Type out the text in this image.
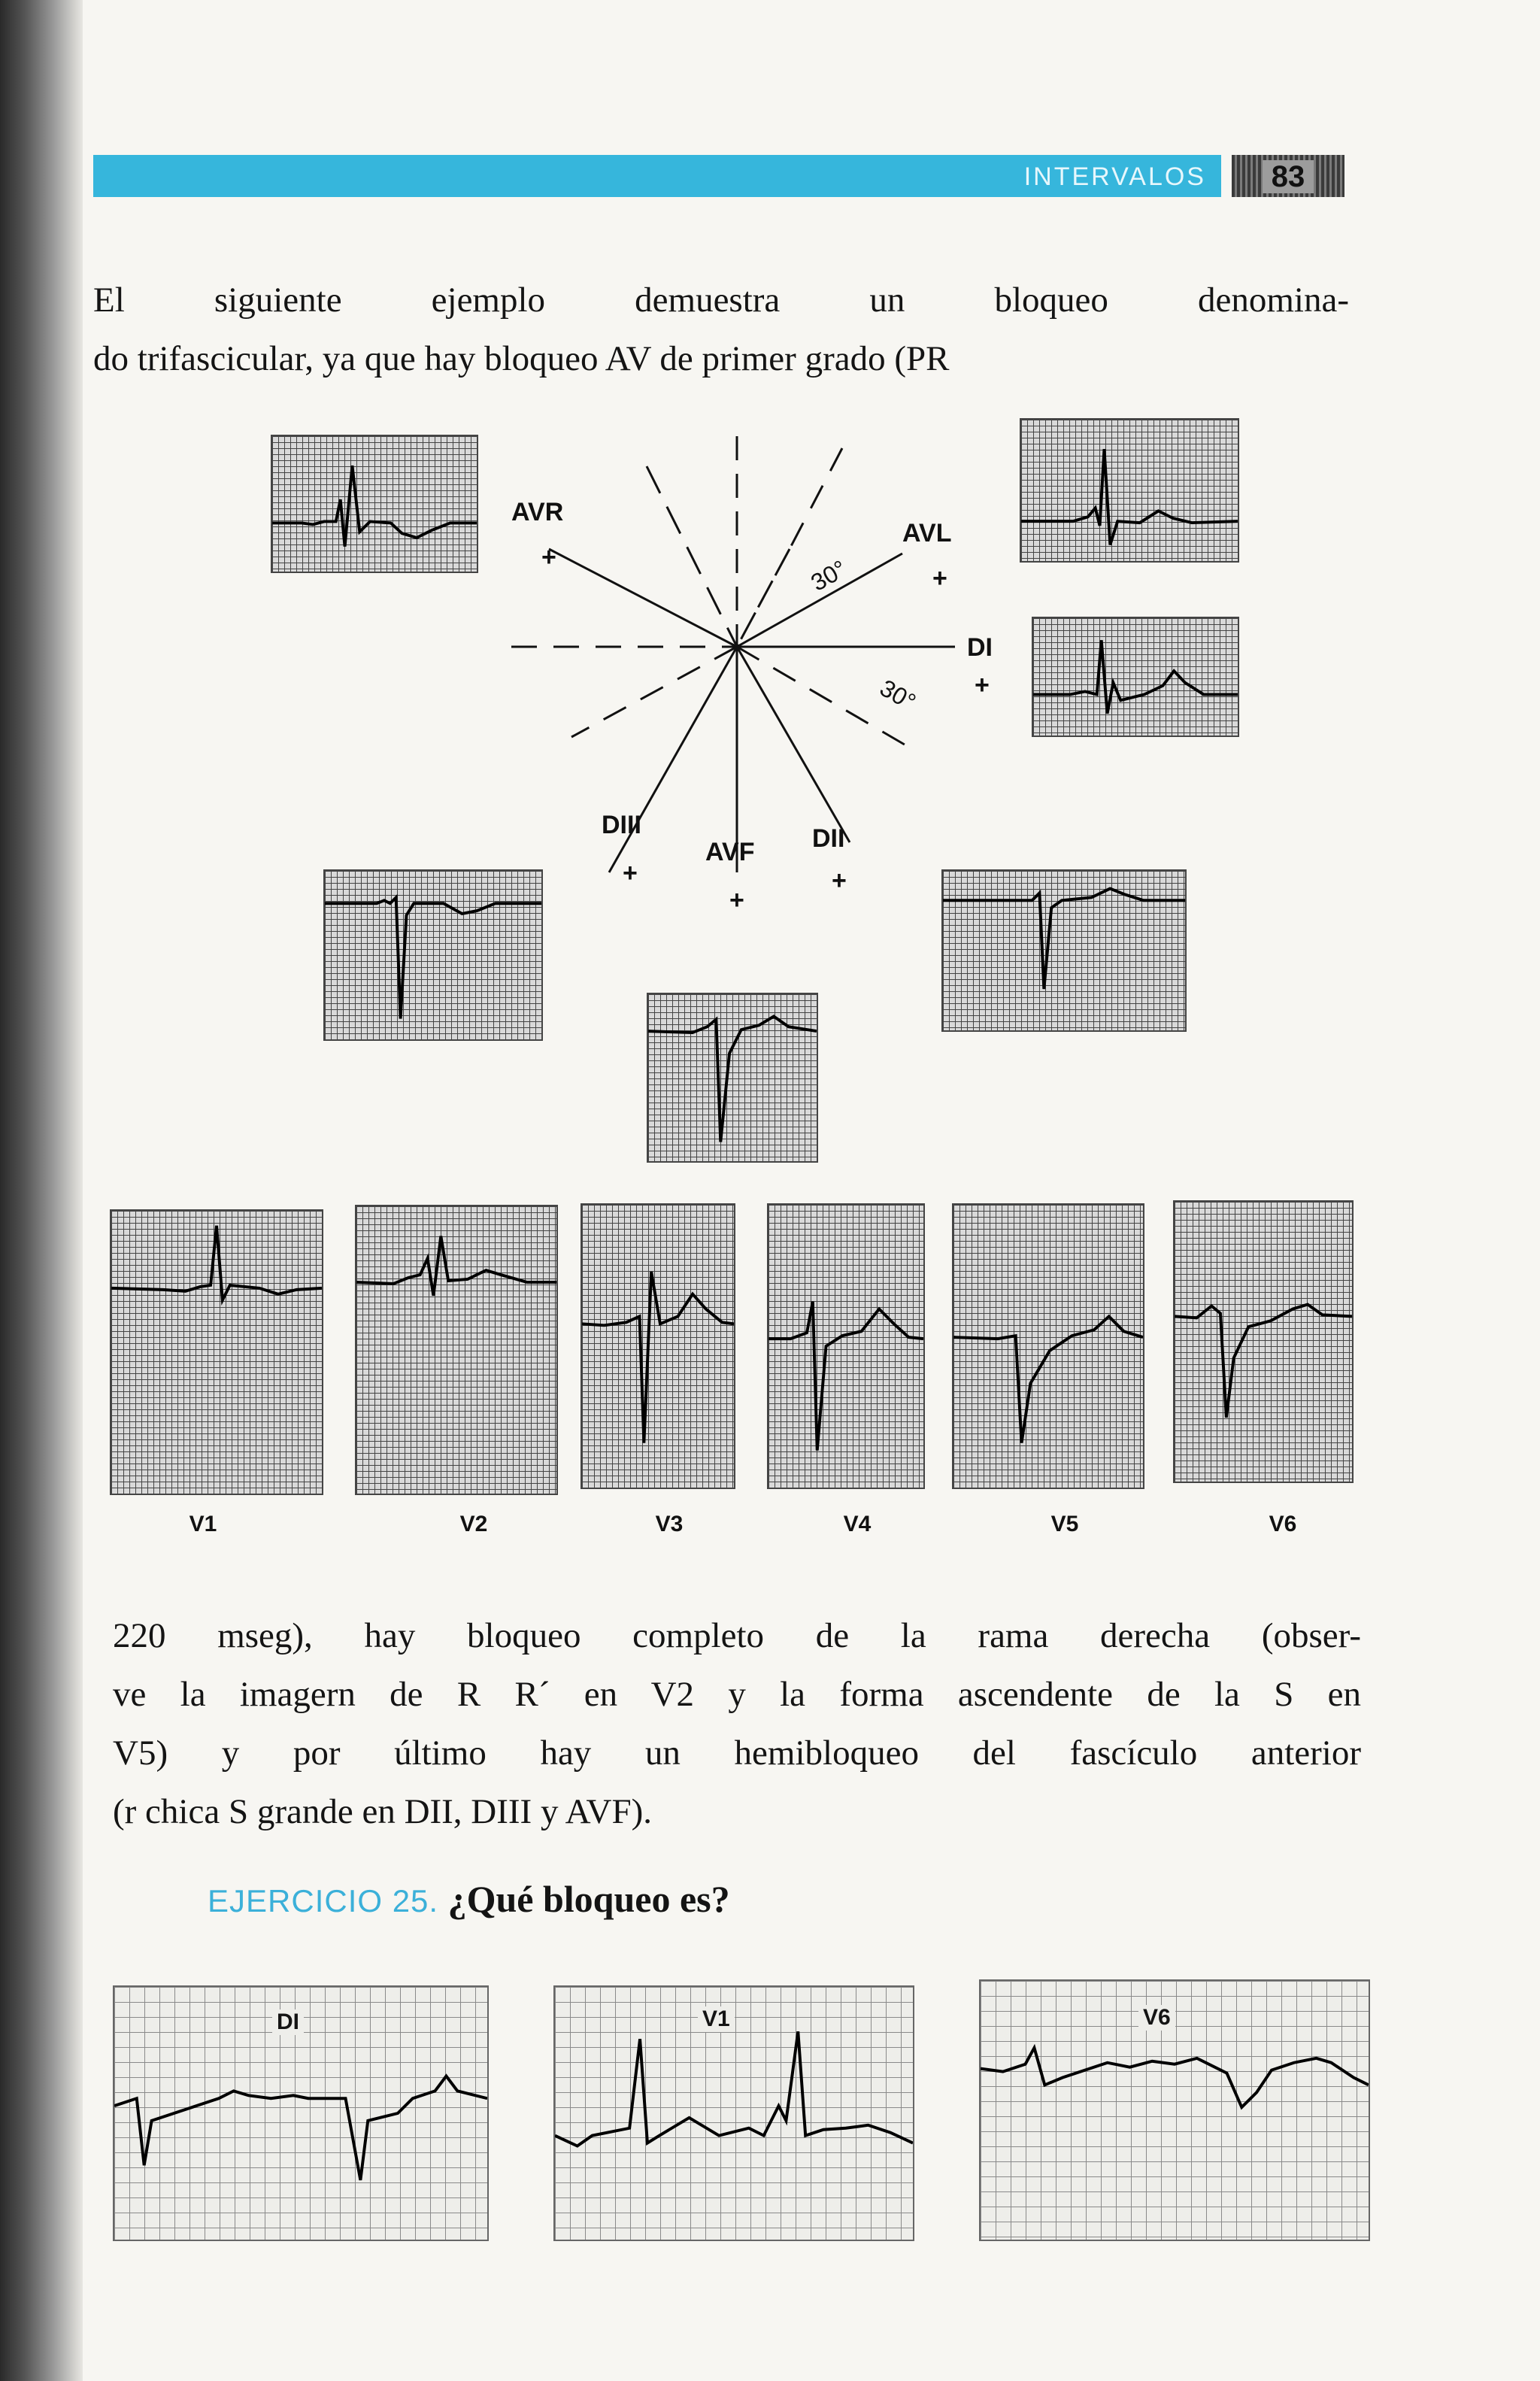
INTERVALOS	83

El siguiente ejemplo demuestra un bloqueo denomina-
do trifascicular, ya que hay bloqueo AV de primer grado (PR

AVR
+
AVL
+
DI
+
DIII
+
AVF
+
DII
+
30°
30°
V1	V2	V3	V4	V5	V6

220 mseg), hay bloqueo completo de la rama derecha (obser-
ve la imagern de R R´ en V2 y la forma ascendente de la S en
V5) y por último hay un hemibloqueo del fascículo anterior
(r chica S grande en DII, DIII y AVF).

EJERCICIO 25. ¿Qué bloqueo es?
DI	V1	V6
